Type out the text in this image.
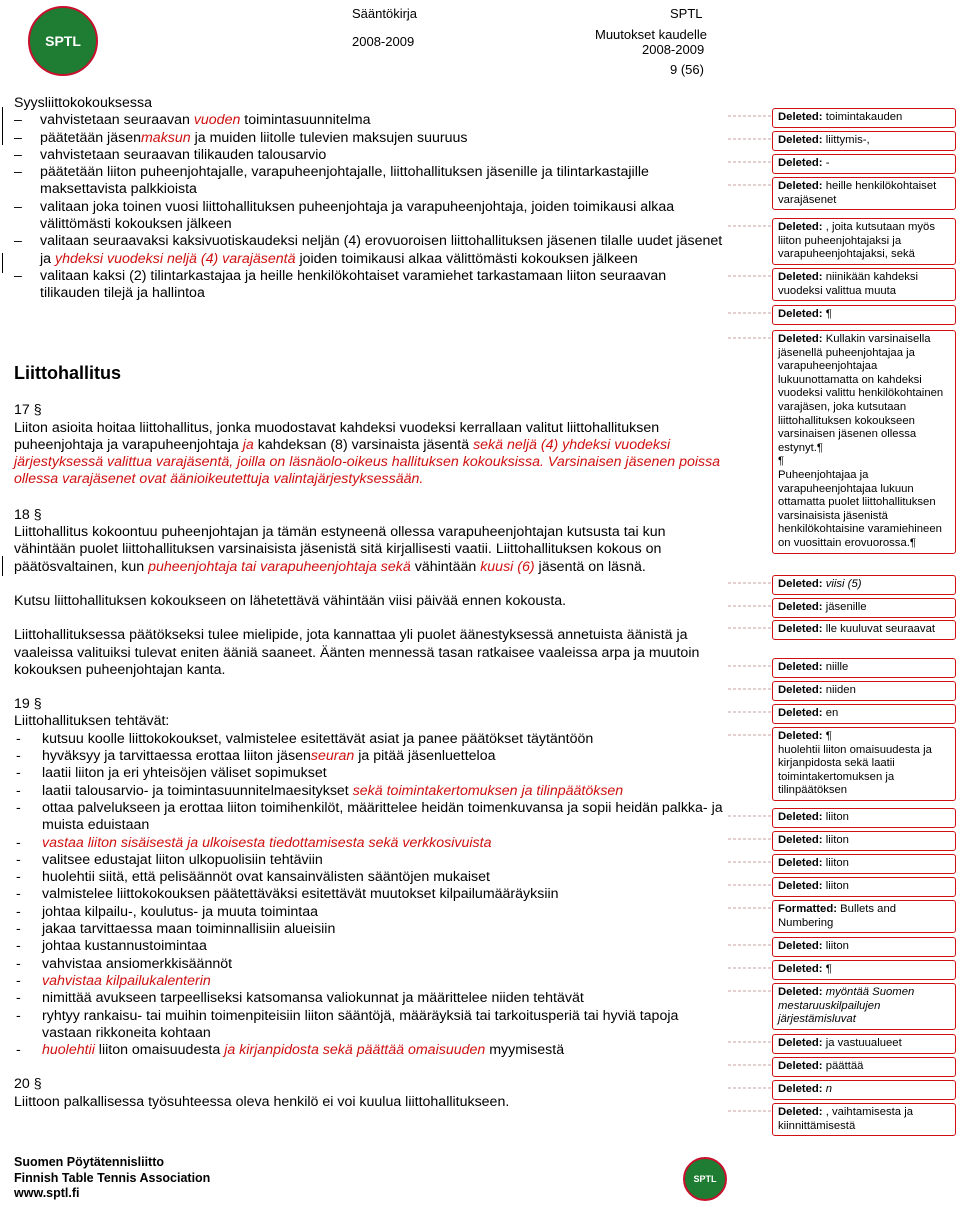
SPTL
Sääntökirja	SPTL
2008-2009	Muutokset kaudelle
2008-2009
9 (56)

Syysliittokokouksessa

– vahvistetaan seuraavan vuoden toimintasuunnitelma
– päätetään jäsenmaksun ja muiden liitolle tulevien maksujen suuruus
– vahvistetaan seuraavan tilikauden talousarvio
– päätetään liiton puheenjohtajalle, varapuheenjohtajalle, liittohallituksen jäsenille ja tilintarkastajille maksettavista palkkioista
– valitaan joka toinen vuosi liittohallituksen puheenjohtaja ja varapuheenjohtaja, joiden toimikausi alkaa välittömästi kokouksen jälkeen
– valitaan seuraavaksi kaksivuotiskaudeksi neljän (4) erovuoroisen liittohallituksen jäsenen tilalle uudet jäsenet ja yhdeksi vuodeksi neljä (4) varajäsentä joiden toimikausi alkaa välittömästi kokouksen jälkeen
– valitaan kaksi (2) tilintarkastajaa ja heille henkilökohtaiset varamiehet tarkastamaan liiton seuraavan tilikauden tilejä ja hallintoa

Liittohallitus

17 §

Liiton asioita hoitaa liittohallitus, jonka muodostavat kahdeksi vuodeksi kerrallaan valitut liittohallituksen puheenjohtaja ja varapuheenjohtaja ja kahdeksan (8) varsinaista jäsentä sekä neljä (4) yhdeksi vuodeksi järjestyksessä valittua varajäsentä, joilla on läsnäolo-oikeus hallituksen kokouksissa. Varsinaisen jäsenen poissa ollessa varajäsenet ovat äänioikeutettuja valintajärjestyksessään.

18 §

Liittohallitus kokoontuu puheenjohtajan ja tämän estyneenä ollessa varapuheenjohtajan kutsusta tai kun vähintään puolet liittohallituksen varsinaisista jäsenistä sitä kirjallisesti vaatii. Liittohallituksen kokous on päätösvaltainen, kun puheenjohtaja tai varapuheenjohtaja sekä vähintään kuusi (6) jäsentä on läsnä.

Kutsu liittohallituksen kokoukseen on lähetettävä vähintään viisi päivää ennen kokousta.

Liittohallituksessa päätökseksi tulee mielipide, jota kannattaa yli puolet äänestyksessä annetuista äänistä ja vaaleissa valituiksi tulevat eniten ääniä saaneet. Äänten mennessä tasan ratkaisee vaaleissa arpa ja muutoin kokouksen puheenjohtajan kanta.

19 §

Liittohallituksen tehtävät:

- kutsuu koolle liittokokoukset, valmistelee esitettävät asiat ja panee päätökset täytäntöön
- hyväksyy ja tarvittaessa erottaa liiton jäsenseuran ja pitää jäsenluetteloa
- laatii liiton ja eri yhteisöjen väliset sopimukset
- laatii talousarvio- ja toimintasuunnitelmaesitykset sekä toimintakertomuksen ja tilinpäätöksen
- ottaa palvelukseen ja erottaa liiton toimihenkilöt, määrittelee heidän toimenkuvansa ja sopii heidän palkka- ja muista eduistaan
- vastaa liiton sisäisestä ja ulkoisesta tiedottamisesta sekä verkkosivuista
- valitsee edustajat liiton ulkopuolisiin tehtäviin
- huolehtii siitä, että pelisäännöt ovat kansainvälisten sääntöjen mukaiset
- valmistelee liittokokouksen päätettäväksi esitettävät muutokset kilpailumääräyksiin
- johtaa kilpailu-, koulutus- ja muuta toimintaa
- jakaa tarvittaessa maan toiminnallisiin alueisiin
- johtaa kustannustoimintaa
- vahvistaa ansiomerkkisäännöt
- vahvistaa kilpailukalenterin
- nimittää avukseen tarpeelliseksi katsomansa valiokunnat ja määrittelee niiden tehtävät
- ryhtyy rankaisu- tai muihin toimenpiteisiin liiton sääntöjä, määräyksiä tai tarkoitusperiä tai hyviä tapoja vastaan rikkoneita kohtaan
- huolehtii liiton omaisuudesta ja kirjanpidosta sekä päättää omaisuuden myymisestä

20 §

Liittoon palkallisessa työsuhteessa oleva henkilö ei voi kuulua liittohallitukseen.

Deleted: toimintakauden
Deleted: liittymis-,
Deleted: -
Deleted: heille henkilökohtaiset varajäsenet
Deleted: , joita kutsutaan myös liiton puheenjohtajaksi ja varapuheenjohtajaksi, sekä
Deleted: niinikään kahdeksi vuodeksi valittua muuta
Deleted: ¶
Deleted: Kullakin varsinaisella jäsenellä puheenjohtajaa ja varapuheenjohtajaa lukuunottamatta on kahdeksi vuodeksi valittu henkilökohtainen varajäsen, joka kutsutaan liittohallituksen kokoukseen varsinaisen jäsenen ollessa estynyt.¶
¶
Puheenjohtajaa ja varapuheenjohtajaa lukuun ottamatta puolet liittohallituksen varsinaisista jäsenistä henkilökohtaisine varamiehineen on vuosittain erovuorossa.¶
Deleted: viisi (5)
Deleted: jäsenille
Deleted: lle kuuluvat seuraavat
Deleted: niille
Deleted: niiden
Deleted: en
Deleted: ¶
huolehtii liiton omaisuudesta ja kirjanpidosta sekä laatii toimintakertomuksen ja tilinpäätöksen
Deleted: liiton
Deleted: liiton
Deleted: liiton
Deleted: liiton
Formatted: Bullets and Numbering
Deleted: liiton
Deleted: ¶
Deleted: myöntää Suomen mestaruuskilpailujen järjestämisluvat
Deleted: ja vastuualueet
Deleted: päättää
Deleted: n
Deleted: , vaihtamisesta ja kiinnittämisestä
Suomen Pöytätennisliitto
Finnish Table Tennis Association
www.sptl.fi
SPTL
